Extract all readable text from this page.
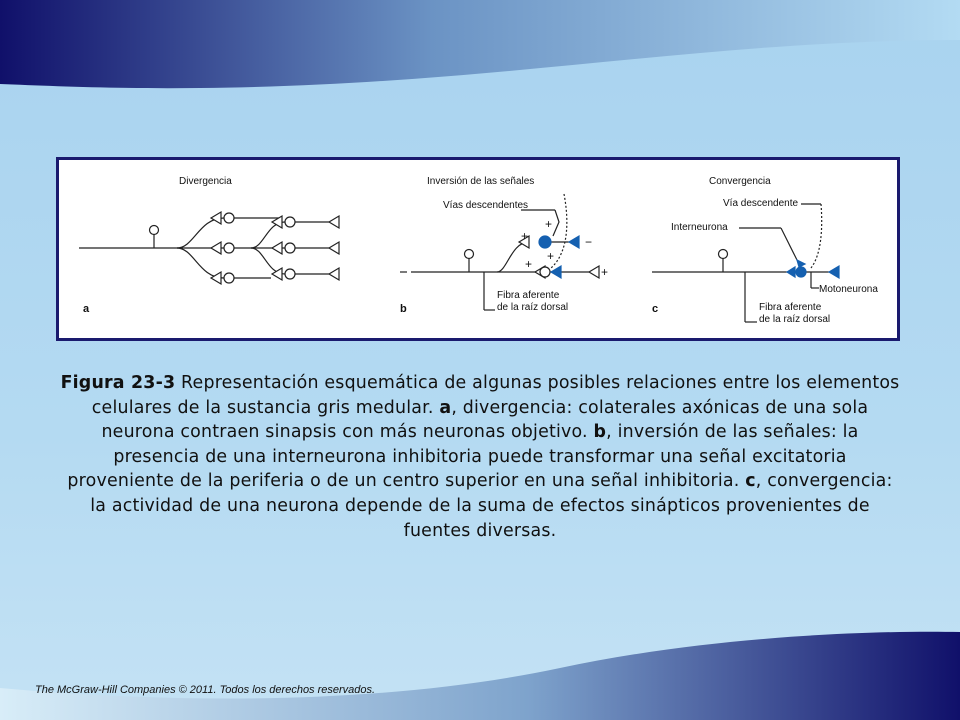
Divergencia
a
Inversión de las señales
Vías descendentes
+
+
−
+
+
+
Fibra aferente
de la raíz dorsal
b
Convergencia
Vía descendente
Interneurona
Motoneurona
Fibra aferente
de la raíz dorsal
c
Figura 23-3 Representación esquemática de algunas posibles relaciones entre los elementos celulares de la sustancia gris medular. a, divergencia: colaterales axónicas de una sola neurona contraen sinapsis con más neuronas objetivo. b, inversión de las señales: la presencia de una interneurona inhibitoria puede transformar una señal excitatoria proveniente de la periferia o de un centro superior en una señal inhibitoria. c, convergencia: la actividad de una neurona depende de la suma de efectos sinápticos provenientes de fuentes diversas.
The McGraw-Hill Companies © 2011. Todos los derechos reservados.
